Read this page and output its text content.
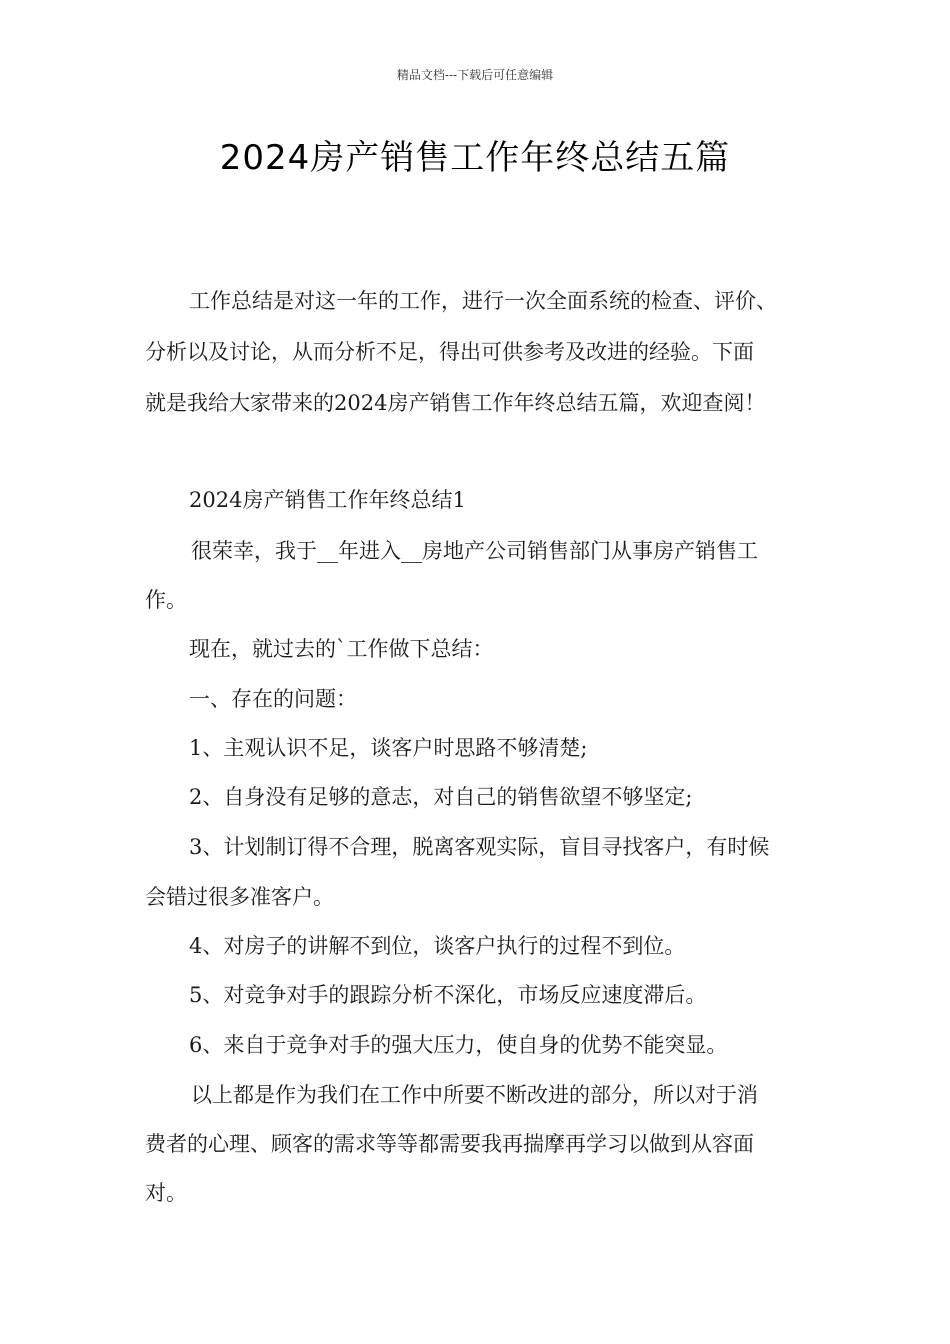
精品文档---下载后可任意编辑
2024房产销售工作年终总结五篇
工作总结是对这一年的工作，进行一次全面系统的检查、评价、
分析以及讨论，从而分析不足，得出可供参考及改进的经验。下面
就是我给大家带来的2024房产销售工作年终总结五篇，欢迎查阅！
2024房产销售工作年终总结1
很荣幸，我于__年进入__房地产公司销售部门从事房产销售工
作。
现在，就过去的`工作做下总结：
一、存在的问题：
1、主观认识不足，谈客户时思路不够清楚;
2、自身没有足够的意志，对自己的销售欲望不够坚定;
3、计划制订得不合理，脱离客观实际，盲目寻找客户，有时候
会错过很多准客户。
4、对房子的讲解不到位，谈客户执行的过程不到位。
5、对竞争对手的跟踪分析不深化，市场反应速度滞后。
6、来自于竞争对手的强大压力，使自身的优势不能突显。
以上都是作为我们在工作中所要不断改进的部分，所以对于消
费者的心理、顾客的需求等等都需要我再揣摩再学习以做到从容面
对。
